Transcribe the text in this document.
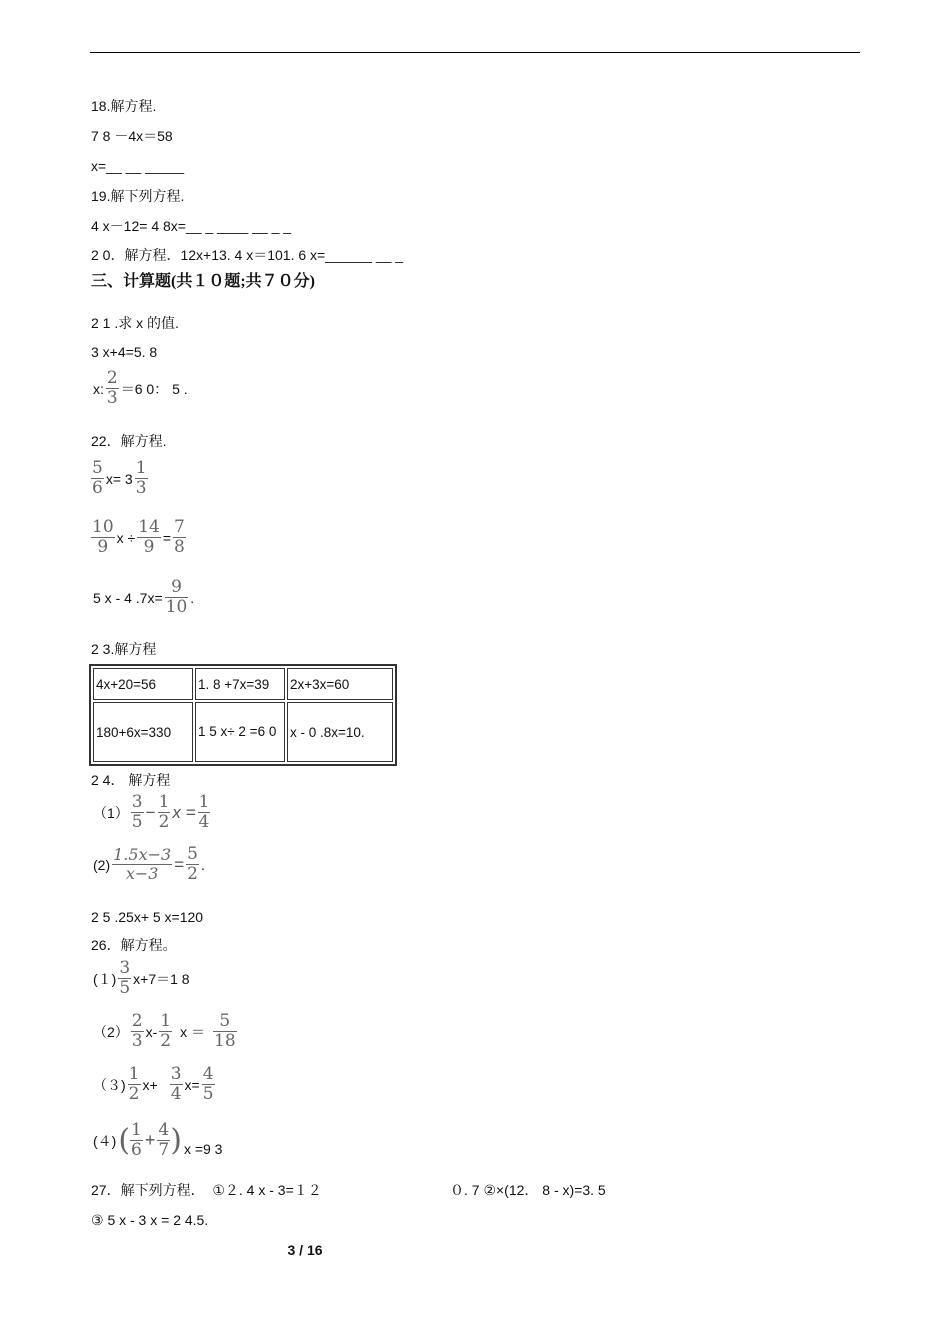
18.解方程.
7 8 －4x＝58
x=__ __ _____
19.解下列方程.
4 x－12= 4 8x=__ _ ____ __ _ _
2 0．解方程．12x+13. 4 x＝101. 6 x=______ __ _
三、计算题(共１０题;共７０分)
2 1 .求 x 的值.
3 x+4=5. 8
x: $\frac{2}{3} =6$ 0： 5 .
22．解方程.
$\frac{5}{6} x= 3 \frac{1}{3}$
$\frac{10}{9}$ $x \div \frac{14}{9} = \frac{7}{8}$
5 x - 4 $.7x= \frac{9}{10}$ .
2 3.解方程
4x+20=56	1. 8 +7x=39	2x+3x=60
180+6x=330	1 5 x÷ 2 =6 0	x - 0 .8x=10.
2 4． 解方程
$(1) \frac{3}{5} - \frac{1}{2}$ $x = \frac{1}{4}$
$(2) \frac{1.5x-3}{x-3} = \frac{5}{2}$ .
2 5 .25x+ 5 x=120
26．解方程。
$(1) \frac{3}{5} x+7=1$ 8
$(2) \frac{2}{3} x- \frac{1}{2}$ $x = \frac{5}{18}$
$(3) \frac{1}{2} x+ \frac{3}{4} x= \frac{4}{5}$
(４) ( $\frac{1}{6} + \frac{4}{7}$ ) x =9 3
27．解下列方程．  ①２. 4 x - 3=１２	０. 7 ②×(12． 8 - x)=3. 5
③ 5 x - 3 x = 2 4.5.
3 / 16
